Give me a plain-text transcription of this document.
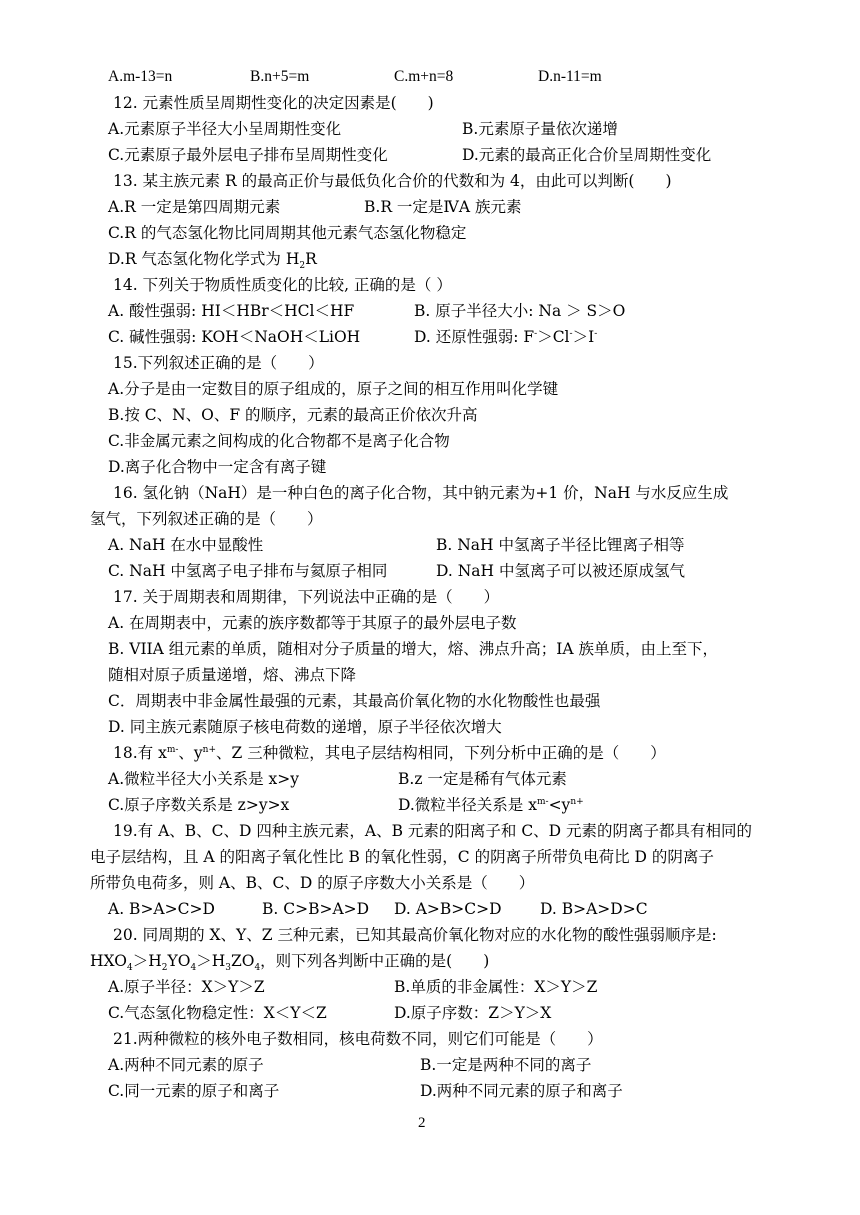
A.m-13=n	B.n+5=m	C.m+n=8	D.n-11=m
12. 元素性质呈周期性变化的决定因素是(　　)
A.元素原子半径大小呈周期性变化	B.元素原子量依次递增
C.元素原子最外层电子排布呈周期性变化	D.元素的最高正化合价呈周期性变化
13. 某主族元素 R 的最高正价与最低负化合价的代数和为 4，由此可以判断(　　)
A.R 一定是第四周期元素	B.R 一定是ⅣA 族元素
C.R 的气态氢化物比同周期其他元素气态氢化物稳定
D.R 气态氢化物化学式为 $H_2R$
14. 下列关于物质性质变化的比较, 正确的是（ ）
A. 酸性强弱: HI＜HBr＜HCl＜HF	B. 原子半径大小: Na ＞ S＞O
C. 碱性强弱: KOH＜NaOH＜LiOH	D. 还原性强弱: F-＞Cl-＞I-
15.下列叙述正确的是（　　）
A.分子是由一定数目的原子组成的，原子之间的相互作用叫化学键
B.按 C、N、O、F 的顺序，元素的最高正价依次升高
C.非金属元素之间构成的化合物都不是离子化合物
D.离子化合物中一定含有离子键
16. 氢化钠（NaH）是一种白色的离子化合物，其中钠元素为+1 价，NaH 与水反应生成
氢气，下列叙述正确的是（　　）
A. NaH 在水中显酸性	B. NaH 中氢离子半径比锂离子相等
C. NaH 中氢离子电子排布与氦原子相同	D. NaH 中氢离子可以被还原成氢气
17. 关于周期表和周期律，下列说法中正确的是（　　）
A. 在周期表中，元素的族序数都等于其原子的最外层电子数
B. VIIA 组元素的单质，随相对分子质量的增大，熔、沸点升高；IA 族单质，由上至下，
随相对原子质量递增，熔、沸点下降
C．周期表中非金属性最强的元素，其最高价氧化物的水化物酸性也最强
D. 同主族元素随原子核电荷数的递增，原子半径依次增大
18.有 $x^{m-}$、$y^{n+}$、Z 三种微粒，其电子层结构相同，下列分析中正确的是（　　）
A.微粒半径大小关系是 x>y	B.z 一定是稀有气体元素
C.原子序数关系是 z>y>x	D.微粒半径关系是 $x^{m-}<y^{n+}$
19.有 A、B、C、D 四种主族元素，A、B 元素的阳离子和 C、D 元素的阴离子都具有相同的
电子层结构，且 A 的阳离子氧化性比 B 的氧化性弱，C 的阴离子所带负电荷比 D 的阴离子
所带负电荷多，则 A、B、C、D 的原子序数大小关系是（　　）
A. B>A>C>D	B. C>B>A>D D. A>B>C>D D. B>A>D>C
20. 同周期的 X、Y、Z 三种元素，已知其最高价氧化物对应的水化物的酸性强弱顺序是:
$HXO_4>H_2YO_4>H_3ZO_4$，则下列各判断中正确的是(　　)
A.原子半径：X＞Y＞Z	B.单质的非金属性：X＞Y＞Z
C.气态氢化物稳定性：X＜Y＜Z	D.原子序数：Z＞Y＞X
21.两种微粒的核外电子数相同，核电荷数不同，则它们可能是（　　）
A.两种不同元素的原子	B.一定是两种不同的离子
C.同一元素的原子和离子	D.两种不同元素的原子和离子
2
